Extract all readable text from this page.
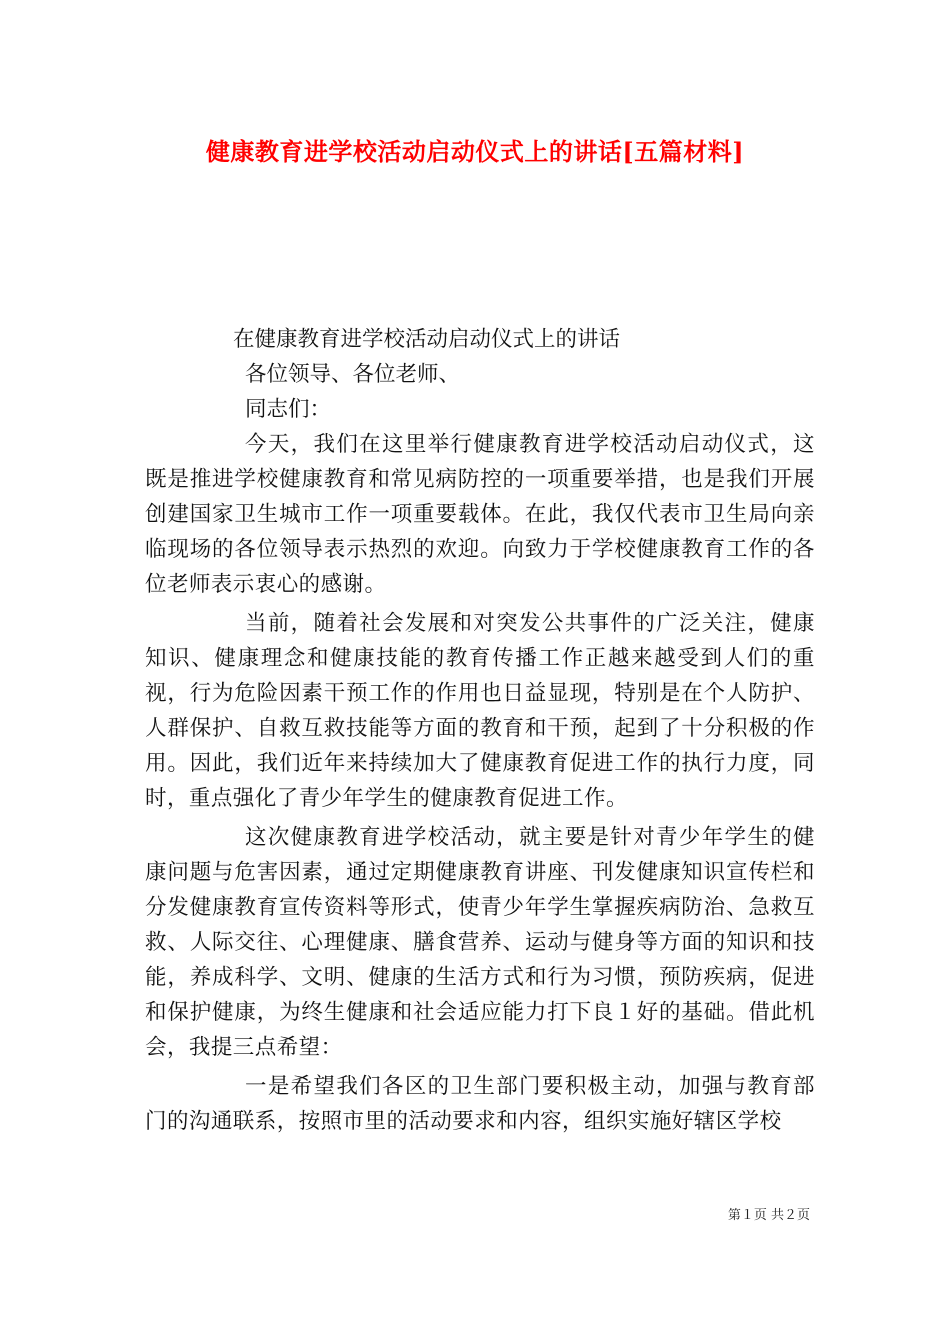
健康教育进学校活动启动仪式上的讲话[五篇材料]

在健康教育进学校活动启动仪式上的讲话

各位领导、各位老师、

同志们：

今天，我们在这里举行健康教育进学校活动启动仪式，这既是推进学校健康教育和常见病防控的一项重要举措，也是我们开展创建国家卫生城市工作一项重要载体。在此，我仅代表市卫生局向亲临现场的各位领导表示热烈的欢迎。向致力于学校健康教育工作的各位老师表示衷心的感谢。

当前，随着社会发展和对突发公共事件的广泛关注，健康知识、健康理念和健康技能的教育传播工作正越来越受到人们的重视，行为危险因素干预工作的作用也日益显现，特别是在个人防护、人群保护、自救互救技能等方面的教育和干预，起到了十分积极的作用。因此，我们近年来持续加大了健康教育促进工作的执行力度，同时，重点强化了青少年学生的健康教育促进工作。

这次健康教育进学校活动，就主要是针对青少年学生的健康问题与危害因素，通过定期健康教育讲座、刊发健康知识宣传栏和分发健康教育宣传资料等形式，使青少年学生掌握疾病防治、急救互救、人际交往、心理健康、膳食营养、运动与健身等方面的知识和技能，养成科学、文明、健康的生活方式和行为习惯，预防疾病，促进和保护健康，为终生健康和社会适应能力打下良１好的基础。借此机会，我提三点希望：

一是希望我们各区的卫生部门要积极主动，加强与教育部门的沟通联系，按照市里的活动要求和内容，组织实施好辖区学校

第１页 共２页
